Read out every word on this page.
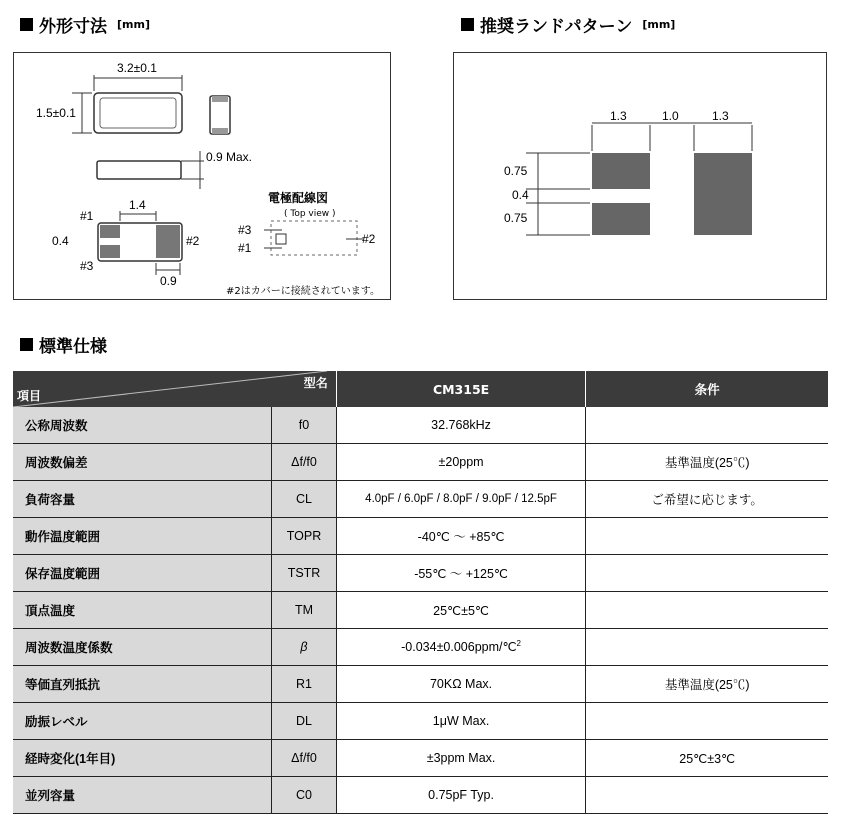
外形寸法 [mm]	推奨ランドパターン [mm]
3.2±0.1
1.5±0.1
0.9 Max.
1.4
#1
0.4
#3
#2
0.9
電極配線図
( Top view )
#3
#1
#2
#2はカバーに接続されています。
1.3	1.0	1.3
0.75
0.4
0.75
標準仕様
型名
項目		CM315E	条件
公称周波数	f0	32.768kHz	
周波数偏差	Δf/f0	±20ppm	基準温度(25℃)
負荷容量	CL	4.0pF / 6.0pF / 8.0pF / 9.0pF / 12.5pF	ご希望に応じます。
動作温度範囲	TOPR	-40℃ ～ +85℃	
保存温度範囲	TSTR	-55℃ ～ +125℃	
頂点温度	TM	25℃±5℃	
周波数温度係数	β	-0.034±0.006ppm/℃$^2$	
等価直列抵抗	R1	70KΩ Max.	基準温度(25℃)
励振レベル	DL	1μW Max.	
経時変化(1年目)	Δf/f0	±3ppm Max.	25℃±3℃
並列容量	C0	0.75pF Typ.	
